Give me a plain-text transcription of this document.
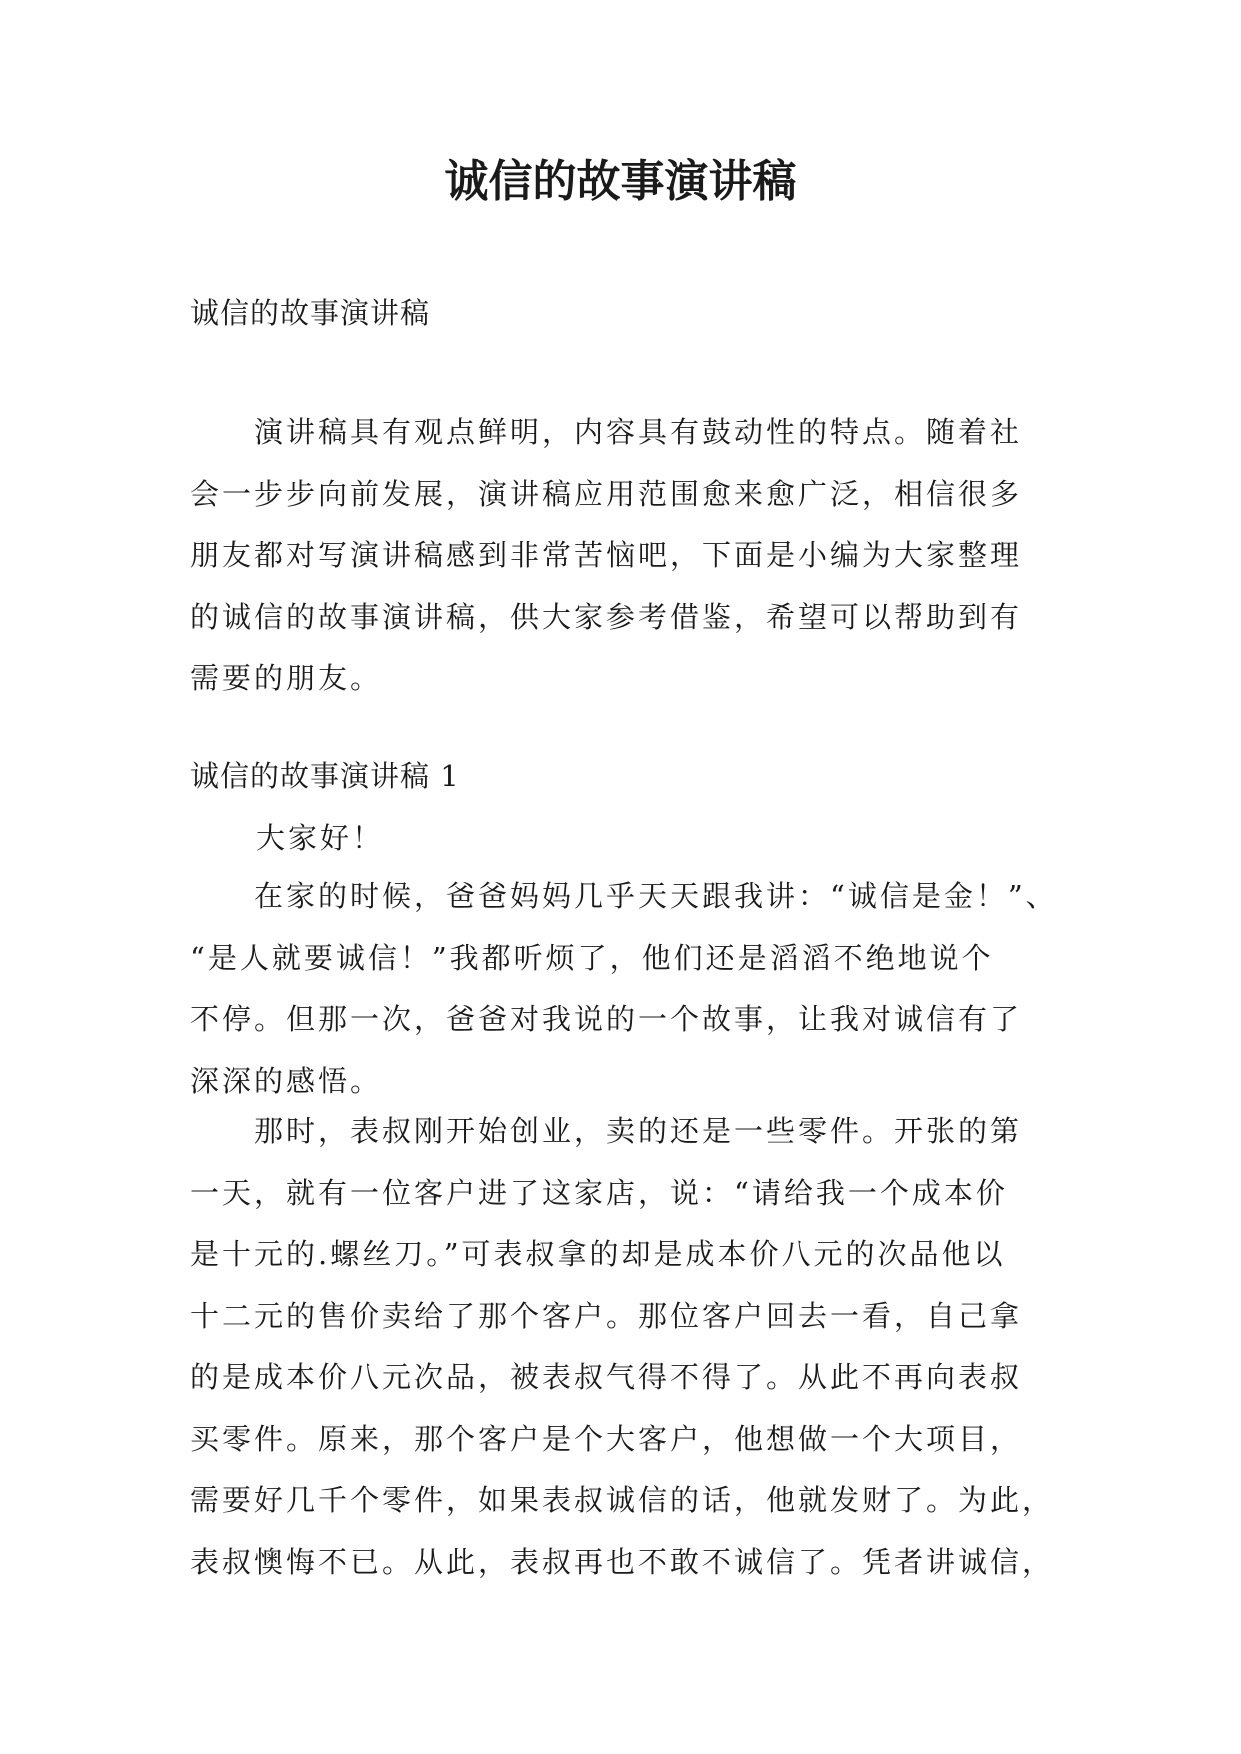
诚信的故事演讲稿

诚信的故事演讲稿

　　演讲稿具有观点鲜明，内容具有鼓动性的特点。随着社
会一步步向前发展，演讲稿应用范围愈来愈广泛，相信很多
朋友都对写演讲稿感到非常苦恼吧，下面是小编为大家整理
的诚信的故事演讲稿，供大家参考借鉴，希望可以帮助到有
需要的朋友。

诚信的故事演讲稿 1

大家好！

　　在家的时候，爸爸妈妈几乎天天跟我讲：“诚信是金！”、
“是人就要诚信！”我都听烦了，他们还是滔滔不绝地说个
不停。但那一次，爸爸对我说的一个故事，让我对诚信有了
深深的感悟。
　　那时，表叔刚开始创业，卖的还是一些零件。开张的第
一天，就有一位客户进了这家店，说：“请给我一个成本价
是十元的.螺丝刀。”可表叔拿的却是成本价八元的次品他以
十二元的售价卖给了那个客户。那位客户回去一看，自己拿
的是成本价八元次品，被表叔气得不得了。从此不再向表叔
买零件。原来，那个客户是个大客户，他想做一个大项目，
需要好几千个零件，如果表叔诚信的话，他就发财了。为此，
表叔懊悔不已。从此，表叔再也不敢不诚信了。凭者讲诚信，
